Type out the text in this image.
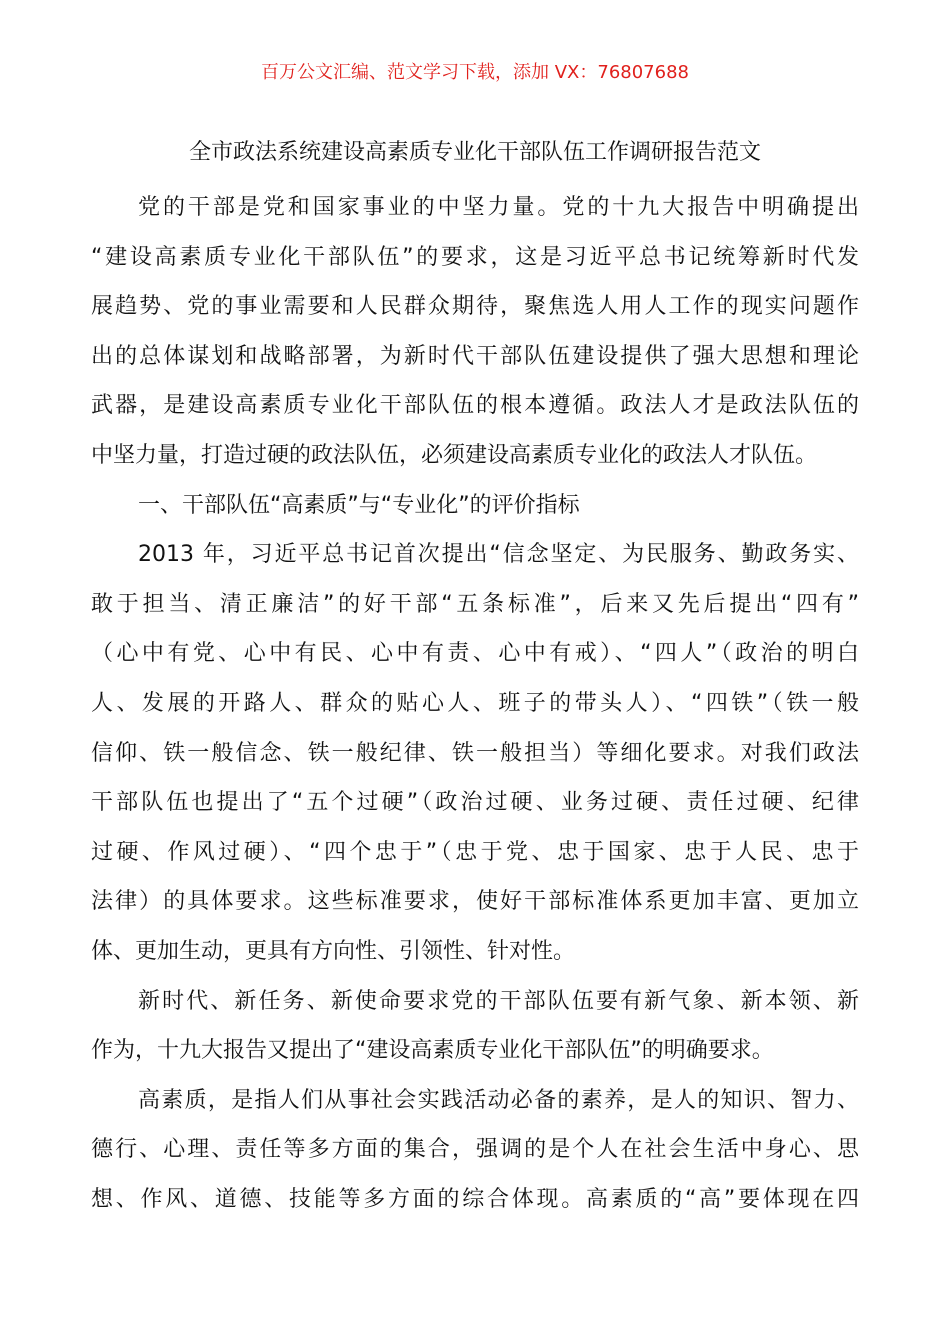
百万公文汇编、范文学习下载，添加 VX：76807688
全市政法系统建设高素质专业化干部队伍工作调研报告范文
党的干部是党和国家事业的中坚力量。党的十九大报告中明确提出
“建设高素质专业化干部队伍”的要求，这是习近平总书记统筹新时代发
展趋势、党的事业需要和人民群众期待，聚焦选人用人工作的现实问题作
出的总体谋划和战略部署，为新时代干部队伍建设提供了强大思想和理论
武器，是建设高素质专业化干部队伍的根本遵循。政法人才是政法队伍的
中坚力量，打造过硬的政法队伍，必须建设高素质专业化的政法人才队伍。
一、干部队伍“高素质”与“专业化”的评价指标
2013 年，习近平总书记首次提出“信念坚定、为民服务、勤政务实、
敢于担当、清正廉洁”的好干部“五条标准”，后来又先后提出“四有”
（心中有党、心中有民、心中有责、心中有戒）、“四人”（政治的明白
人、发展的开路人、群众的贴心人、班子的带头人）、“四铁”（铁一般
信仰、铁一般信念、铁一般纪律、铁一般担当）等细化要求。对我们政法
干部队伍也提出了“五个过硬”（政治过硬、业务过硬、责任过硬、纪律
过硬、作风过硬）、“四个忠于”（忠于党、忠于国家、忠于人民、忠于
法律）的具体要求。这些标准要求，使好干部标准体系更加丰富、更加立
体、更加生动，更具有方向性、引领性、针对性。
新时代、新任务、新使命要求党的干部队伍要有新气象、新本领、新
作为，十九大报告又提出了“建设高素质专业化干部队伍”的明确要求。
高素质，是指人们从事社会实践活动必备的素养，是人的知识、智力、
德行、心理、责任等多方面的集合，强调的是个人在社会生活中身心、思
想、作风、道德、技能等多方面的综合体现。高素质的“高”要体现在四
